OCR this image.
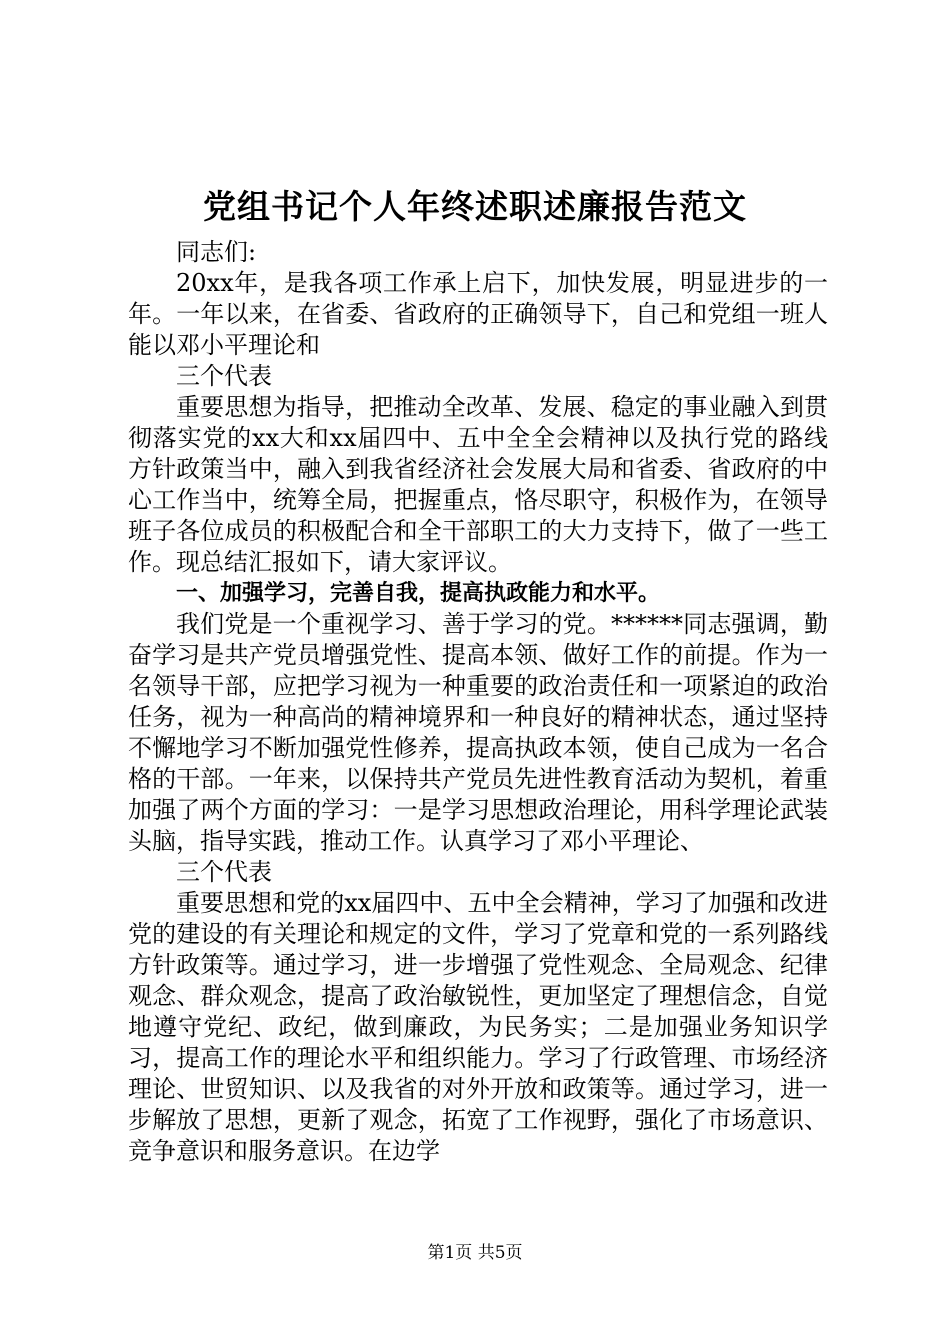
党组书记个人年终述职述廉报告范文

同志们:

20xx年，是我各项工作承上启下，加快发展，明显进步的一年。一年以来，在省委、省政府的正确领导下，自己和党组一班人能以邓小平理论和

三个代表

重要思想为指导，把推动全改革、发展、稳定的事业融入到贯彻落实党的xx大和xx届四中、五中全全会精神以及执行党的路线方针政策当中，融入到我省经济社会发展大局和省委、省政府的中心工作当中，统筹全局，把握重点，恪尽职守，积极作为，在领导班子各位成员的积极配合和全干部职工的大力支持下，做了一些工作。现总结汇报如下，请大家评议。

一、加强学习，完善自我，提高执政能力和水平。

我们党是一个重视学习、善于学习的党。******同志强调，勤奋学习是共产党员增强党性、提高本领、做好工作的前提。作为一名领导干部，应把学习视为一种重要的政治责任和一项紧迫的政治任务，视为一种高尚的精神境界和一种良好的精神状态，通过坚持不懈地学习不断加强党性修养，提高执政本领，使自己成为一名合格的干部。一年来，以保持共产党员先进性教育活动为契机，着重加强了两个方面的学习：一是学习思想政治理论，用科学理论武装头脑，指导实践，推动工作。认真学习了邓小平理论、

三个代表

重要思想和党的xx届四中、五中全会精神，学习了加强和改进党的建设的有关理论和规定的文件，学习了党章和党的一系列路线方针政策等。通过学习，进一步增强了党性观念、全局观念、纪律观念、群众观念，提高了政治敏锐性，更加坚定了理想信念，自觉地遵守党纪、政纪，做到廉政，为民务实；二是加强业务知识学习，提高工作的理论水平和组织能力。学习了行政管理、市场经济理论、世贸知识、以及我省的对外开放和政策等。通过学习，进一步解放了思想，更新了观念，拓宽了工作视野，强化了市场意识、竞争意识和服务意识。在边学

第1页 共5页
